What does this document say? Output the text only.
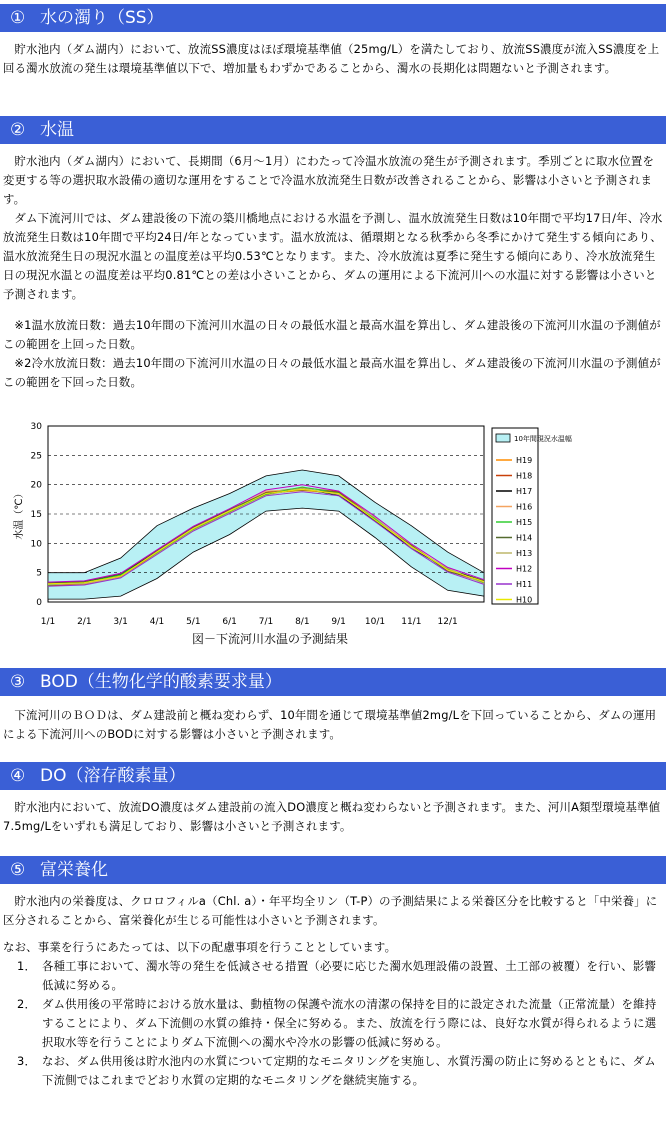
① 水の濁り（SS）

貯水池内（ダム湖内）において、放流SS濃度はほぼ環境基準値（25mg/L）を満たしており、放流SS濃度が流入SS濃度を上回る濁水放流の発生は環境基準値以下で、増加量もわずかであることから、濁水の長期化は問題ないと予測されます。

② 水温

貯水池内（ダム湖内）において、長期間（6月～1月）にわたって冷温水放流の発生が予測されます。季別ごとに取水位置を変更する等の選択取水設備の適切な運用をすることで冷温水放流発生日数が改善されることから、影響は小さいと予測されます。

ダム下流河川では、ダム建設後の下流の築川橋地点における水温を予測し、温水放流発生日数は10年間で平均17日/年、冷水放流発生日数は10年間で平均24日/年となっています。温水放流は、循環期となる秋季から冬季にかけて発生する傾向にあり、温水放流発生日の現況水温との温度差は平均0.53℃となります。また、冷水放流は夏季に発生する傾向にあり、冷水放流発生日の現況水温との温度差は平均0.81℃との差は小さいことから、ダムの運用による下流河川への水温に対する影響は小さいと予測されます。

※1温水放流日数：過去10年間の下流河川水温の日々の最低水温と最高水温を算出し、ダム建設後の下流河川水温の予測値がこの範囲を上回った日数。

※2冷水放流日数：過去10年間の下流河川水温の日々の最低水温と最高水温を算出し、ダム建設後の下流河川水温の予測値がこの範囲を下回った日数。

0
5
10
15
20
25
30
1/1 2/1 3/1 4/1 5/1 6/1 7/1 8/1 9/1 10/1 11/1 12/1
水温（℃）
10年間現況水温幅
H19
H18
H17
H16
H15
H14
H13
H12
H11
H10
図－下流河川水温の予測結果
③ BOD（生物化学的酸素要求量）

下流河川のＢＯＤは、ダム建設前と概ね変わらず、10年間を通じて環境基準値2mg/Lを下回っていることから、ダムの運用による下流河川へのBODに対する影響は小さいと予測されます。

④ DO（溶存酸素量）

貯水池内において、放流DO濃度はダム建設前の流入DO濃度と概ね変わらないと予測されます。また、河川A類型環境基準値7.5mg/Lをいずれも満足しており、影響は小さいと予測されます。

⑤ 富栄養化

貯水池内の栄養度は、クロロフィルa（Chl. a）・年平均全リン（T-P）の予測結果による栄養区分を比較すると「中栄養」に区分されることから、富栄養化が生じる可能性は小さいと予測されます。

なお、事業を行うにあたっては、以下の配慮事項を行うこととしています。

1． 各種工事において、濁水等の発生を低減させる措置（必要に応じた濁水処理設備の設置、土工部の被覆）を行い、影響低減に努める。
2． ダム供用後の平常時における放水量は、動植物の保護や流水の清潔の保持を目的に設定された流量（正常流量）を維持することにより、ダム下流側の水質の維持・保全に努める。また、放流を行う際には、良好な水質が得られるように選択取水等を行うことによりダム下流側への濁水や冷水の影響の低減に努める。
3． なお、ダム供用後は貯水池内の水質について定期的なモニタリングを実施し、水質汚濁の防止に努めるとともに、ダム下流側ではこれまでどおり水質の定期的なモニタリングを継続実施する。
